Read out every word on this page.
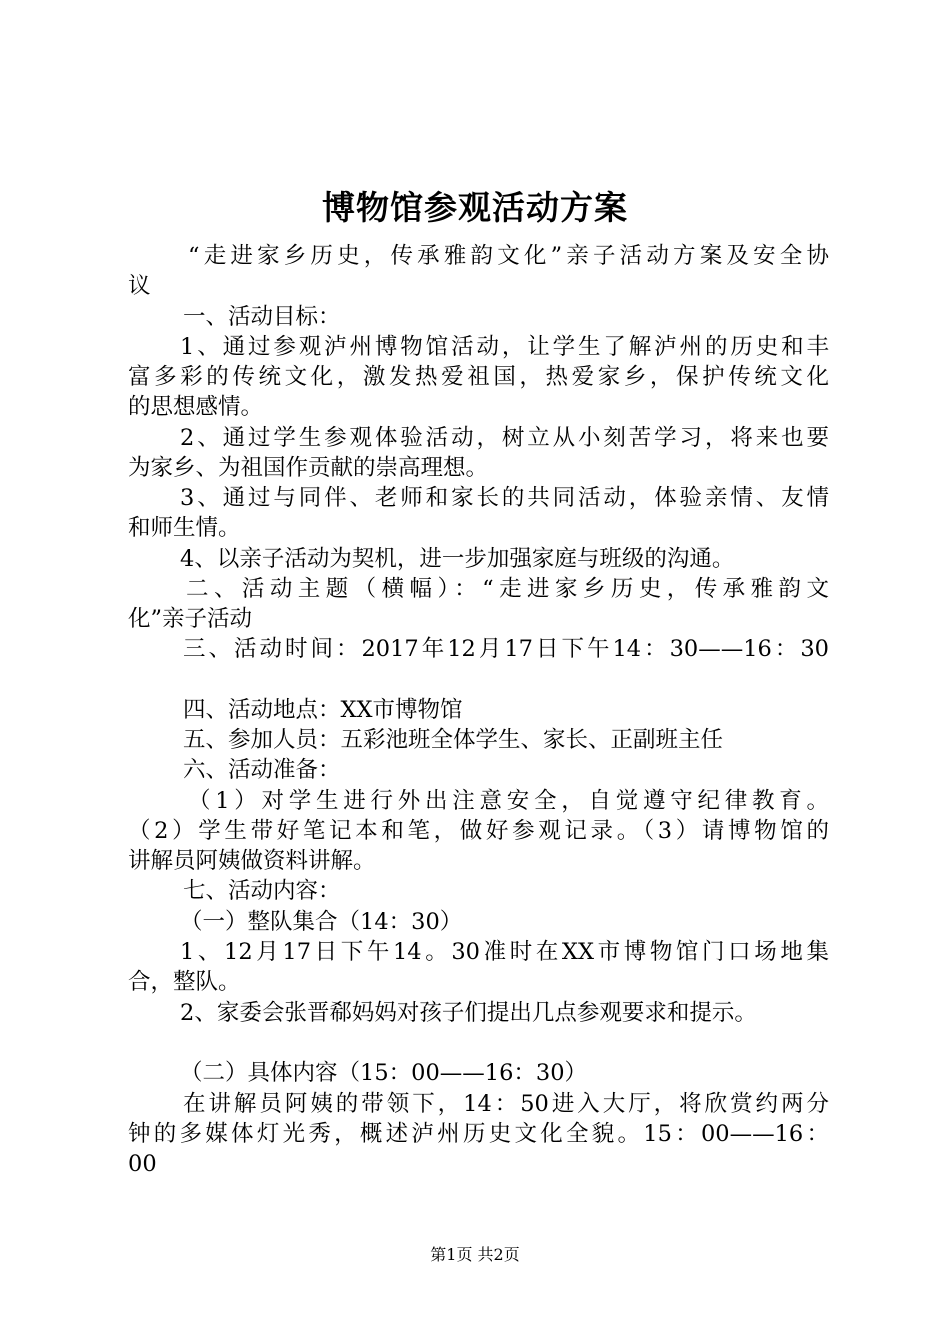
博物馆参观活动方案
“走进家乡历史，传承雅韵文化”亲子活动方案及安全协
议
一、活动目标：
1、通过参观泸州博物馆活动，让学生了解泸州的历史和丰
富多彩的传统文化，激发热爱祖国，热爱家乡，保护传统文化
的思想感情。
2、通过学生参观体验活动，树立从小刻苦学习，将来也要
为家乡、为祖国作贡献的崇高理想。
3、通过与同伴、老师和家长的共同活动，体验亲情、友情
和师生情。
4、以亲子活动为契机，进一步加强家庭与班级的沟通。
二、活动主题（横幅）：“走进家乡历史，传承雅韵文
化”亲子活动
三、活动时间：2017年12月17日下午14：30——16：30
四、活动地点：XX市博物馆
五、参加人员：五彩池班全体学生、家长、正副班主任
六、活动准备：
（1）对学生进行外出注意安全，自觉遵守纪律教育。
（2）学生带好笔记本和笔，做好参观记录。（3）请博物馆的
讲解员阿姨做资料讲解。
七、活动内容：
（一）整队集合（14：30）
1、12月17日下午14。30准时在XX市博物馆门口场地集
合，整队。
2、家委会张晋郗妈妈对孩子们提出几点参观要求和提示。
（二）具体内容（15：00——16：30）
在讲解员阿姨的带领下，14：50进入大厅，将欣赏约两分
钟的多媒体灯光秀，概述泸州历史文化全貌。15：00——16：
00
第1页 共2页
